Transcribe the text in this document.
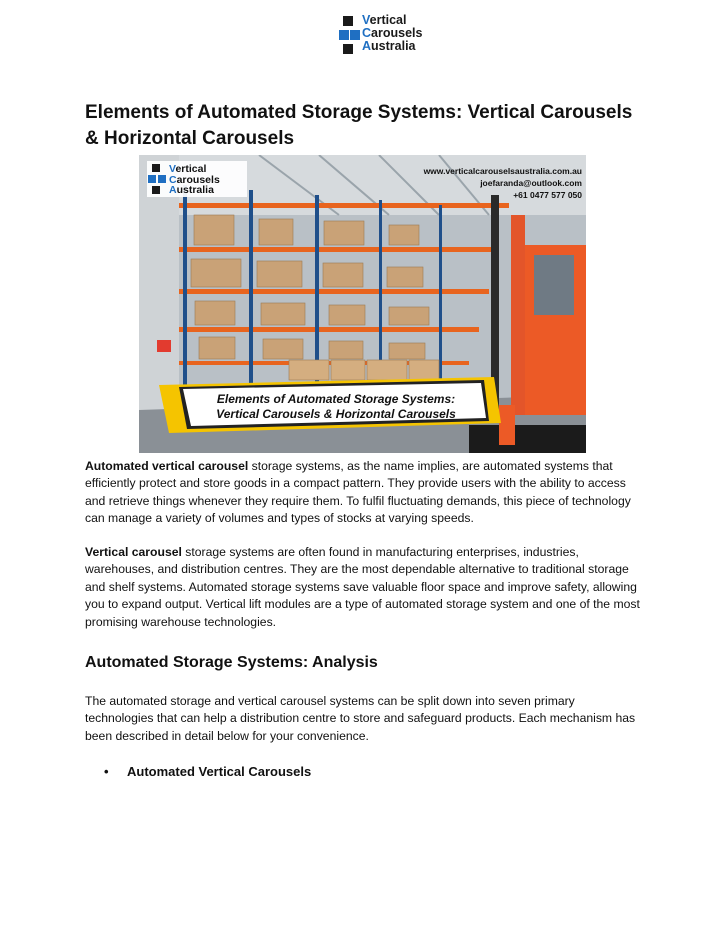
Vertical
Carousels
Australia
Elements of Automated Storage Systems: Vertical Carousels & Horizontal Carousels
Vertical
Carousels
Australia
www.verticalcarouselsaustralia.com.au
joefaranda@outlook.com
+61 0477 577 050
Elements of Automated Storage Systems:
Vertical Carousels & Horizontal Carousels

Automated vertical carousel storage systems, as the name implies, are automated systems that efficiently protect and store goods in a compact pattern. They provide users with the ability to access and retrieve things whenever they require them. To fulfil fluctuating demands, this piece of technology can manage a variety of volumes and types of stocks at varying speeds.

Vertical carousel storage systems are often found in manufacturing enterprises, industries, warehouses, and distribution centres. They are the most dependable alternative to traditional storage and shelf systems. Automated storage systems save valuable floor space and improve safety, allowing you to expand output. Vertical lift modules are a type of automated storage system and one of the most promising warehouse technologies.

Automated Storage Systems: Analysis

The automated storage and vertical carousel systems can be split down into seven primary technologies that can help a distribution centre to store and safeguard products. Each mechanism has been described in detail below for your convenience.

• Automated Vertical Carousels
